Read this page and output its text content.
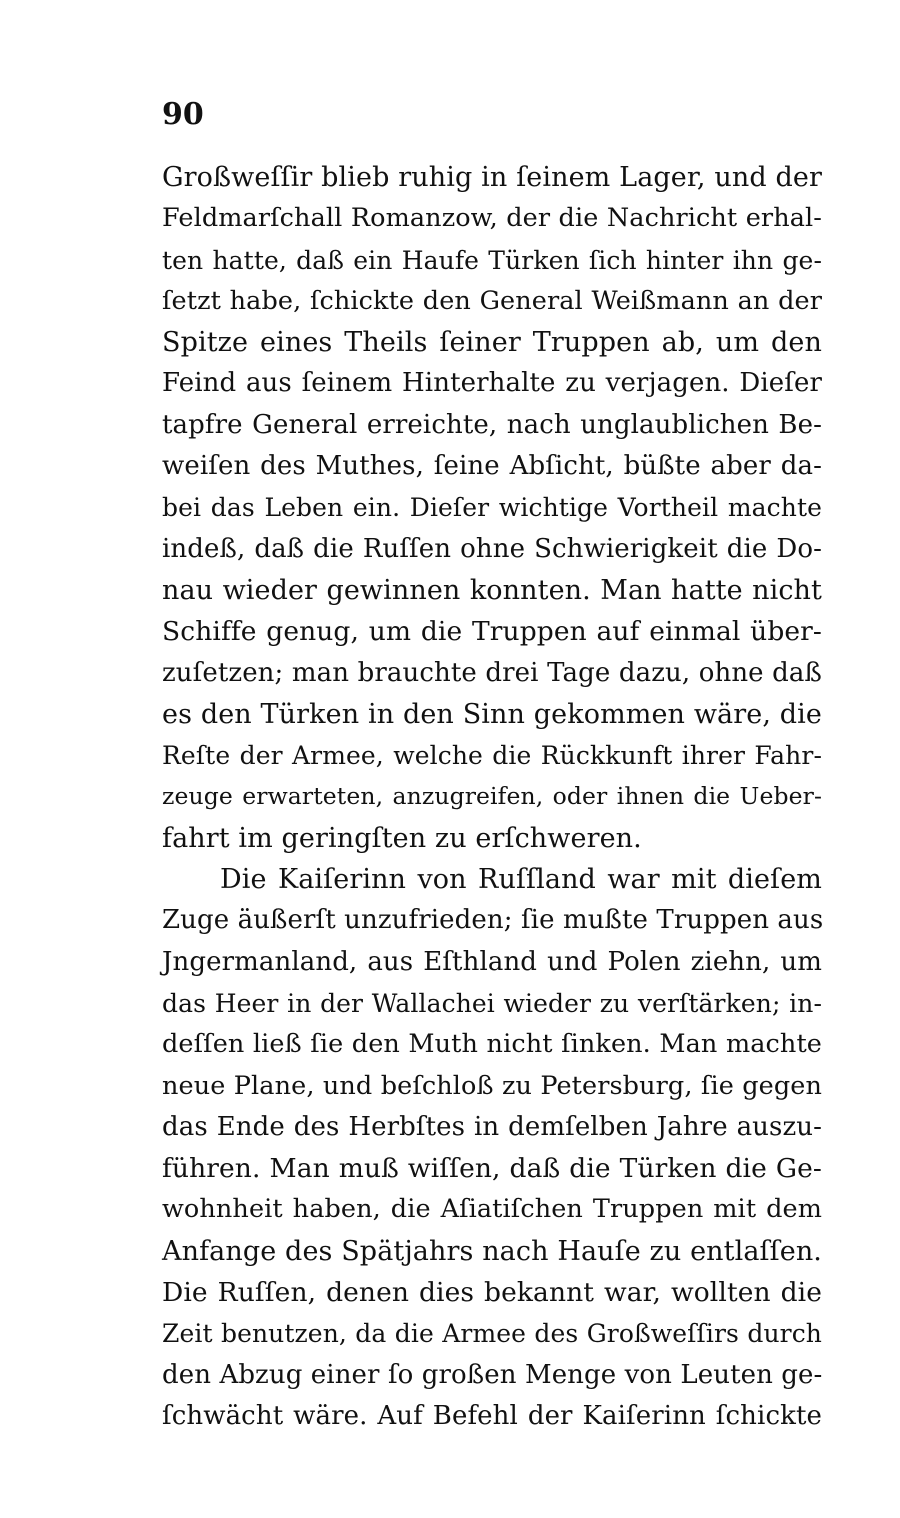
90
Großweſſir blieb ruhig in ſeinem Lager, und der
Feldmarſchall Romanzow, der die Nachricht erhal-
ten hatte, daß ein Haufe Türken ſich hinter ihn ge-
ſetzt habe, ſchickte den General Weißmann an der
Spitze eines Theils ſeiner Truppen ab, um den
Feind aus ſeinem Hinterhalte zu verjagen. Dieſer
tapfre General erreichte, nach unglaublichen Be-
weiſen des Muthes, ſeine Abſicht, büßte aber da-
bei das Leben ein. Dieſer wichtige Vortheil machte
indeß, daß die Ruſſen ohne Schwierigkeit die Do-
nau wieder gewinnen konnten. Man hatte nicht
Schiffe genug, um die Truppen auf einmal über-
zuſetzen; man brauchte drei Tage dazu, ohne daß
es den Türken in den Sinn gekommen wäre, die
Reſte der Armee, welche die Rückkunft ihrer Fahr-
zeuge erwarteten, anzugreifen, oder ihnen die Ueber-
fahrt im geringſten zu erſchweren.
Die Kaiſerinn von Ruſſland war mit dieſem
Zuge äußerſt unzufrieden; ſie mußte Truppen aus
Jngermanland, aus Eſthland und Polen ziehn, um
das Heer in der Wallachei wieder zu verſtärken; in-
deſſen ließ ſie den Muth nicht ſinken. Man machte
neue Plane, und beſchloß zu Petersburg, ſie gegen
das Ende des Herbſtes in demſelben Jahre auszu-
führen. Man muß wiſſen, daß die Türken die Ge-
wohnheit haben, die Aſiatiſchen Truppen mit dem
Anfange des Spätjahrs nach Hauſe zu entlaſſen.
Die Ruſſen, denen dies bekannt war, wollten die
Zeit benutzen, da die Armee des Großweſſirs durch
den Abzug einer ſo großen Menge von Leuten ge-
ſchwächt wäre. Auf Befehl der Kaiſerinn ſchickte
